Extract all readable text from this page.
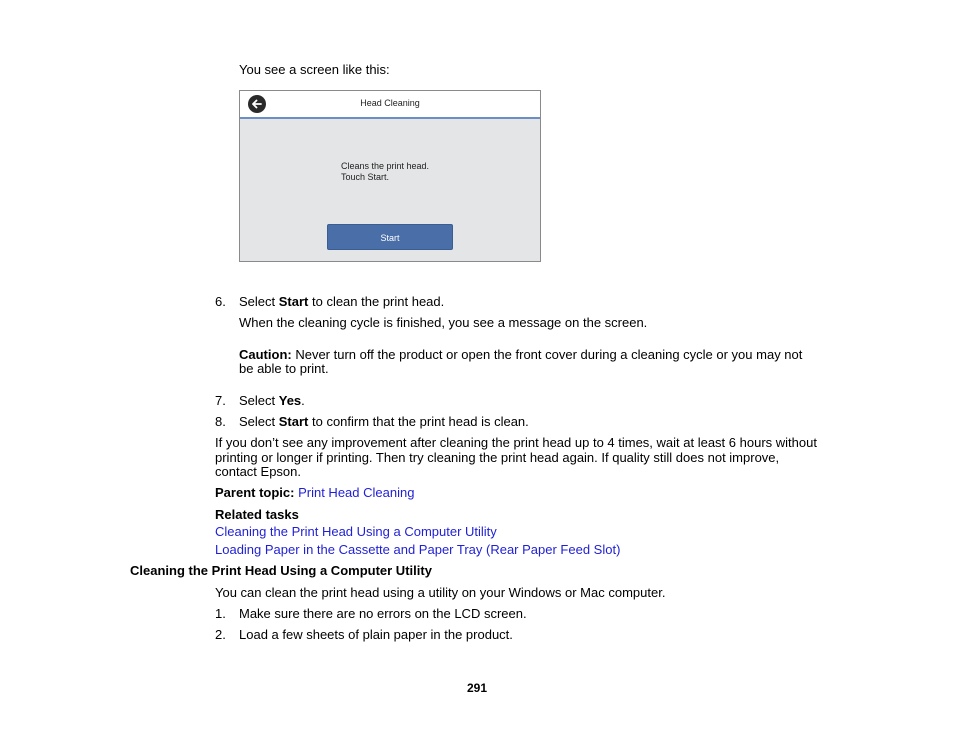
You see a screen like this:
Head Cleaning
Cleans the print head.
Touch Start.
Start
6. Select Start to clean the print head.
When the cleaning cycle is finished, you see a message on the screen.
Caution: Never turn off the product or open the front cover during a cleaning cycle or you may not
be able to print.
7. Select Yes.
8. Select Start to confirm that the print head is clean.
If you don’t see any improvement after cleaning the print head up to 4 times, wait at least 6 hours without
printing or longer if printing. Then try cleaning the print head again. If quality still does not improve,
contact Epson.
Parent topic: Print Head Cleaning
Related tasks
Cleaning the Print Head Using a Computer Utility
Loading Paper in the Cassette and Paper Tray (Rear Paper Feed Slot)
Cleaning the Print Head Using a Computer Utility
You can clean the print head using a utility on your Windows or Mac computer.
1. Make sure there are no errors on the LCD screen.
2. Load a few sheets of plain paper in the product.
291
